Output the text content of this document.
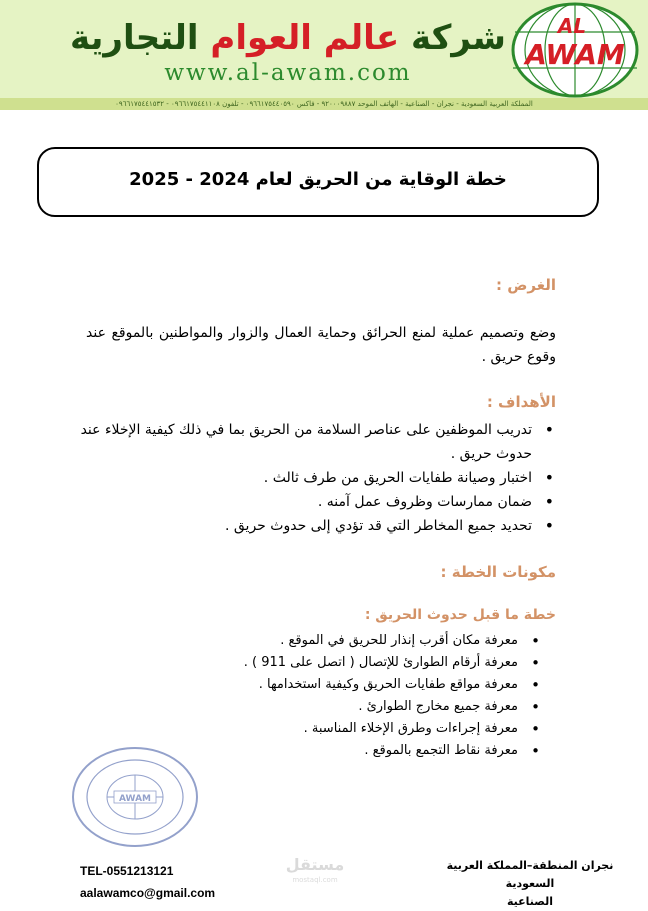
شركة عالم العوام التجارية
www.al-awam.com
AL
AWAM
المملكة العربية السعودية - نجران - الصناعية - الهاتف الموحد ٩٢٠٠٠٩٨٨٧ - فاكس ٠٩٦٦١٧٥٤٤٠٥٩٠ - تلفون ٠٩٦٦١٧٥٤٤١١٠٨ - ٠٩٦٦١٧٥٤٤١٥٣٢
خطة الوقاية من الحريق لعام 2024 - 2025
الغرض :
وضع وتصميم عملية لمنع الحرائق وحماية العمال والزوار والمواطنين بالموقع عند وقوع حريق .
الأهداف :
• تدريب الموظفين على عناصر السلامة من الحريق بما في ذلك كيفية الإخلاء عند حدوث حريق .
• اختبار وصيانة طفايات الحريق من طرف ثالث .
• ضمان ممارسات وظروف عمل آمنه .
• تحديد جميع المخاطر التي قد تؤدي إلى حدوث حريق .
مكونات الخطة :
خطة ما قبل حدوث الحريق :
• معرفة مكان أقرب إنذار للحريق في الموقع .
• معرفة أرقام الطوارئ للإتصال ( اتصل على 911 ) .
• معرفة مواقع طفايات الحريق وكيفية استخدامها .
• معرفة جميع مخارج الطوارئ .
• معرفة إجراءات وطرق الإخلاء المناسبة .
• معرفة نقاط التجمع بالموقع .
AWAM
مستقل
mostaql.com
TEL-0551213121
aalawamco@gmail.com
نجران المنطقة–المملكة العربية السعودية
الصناعية
